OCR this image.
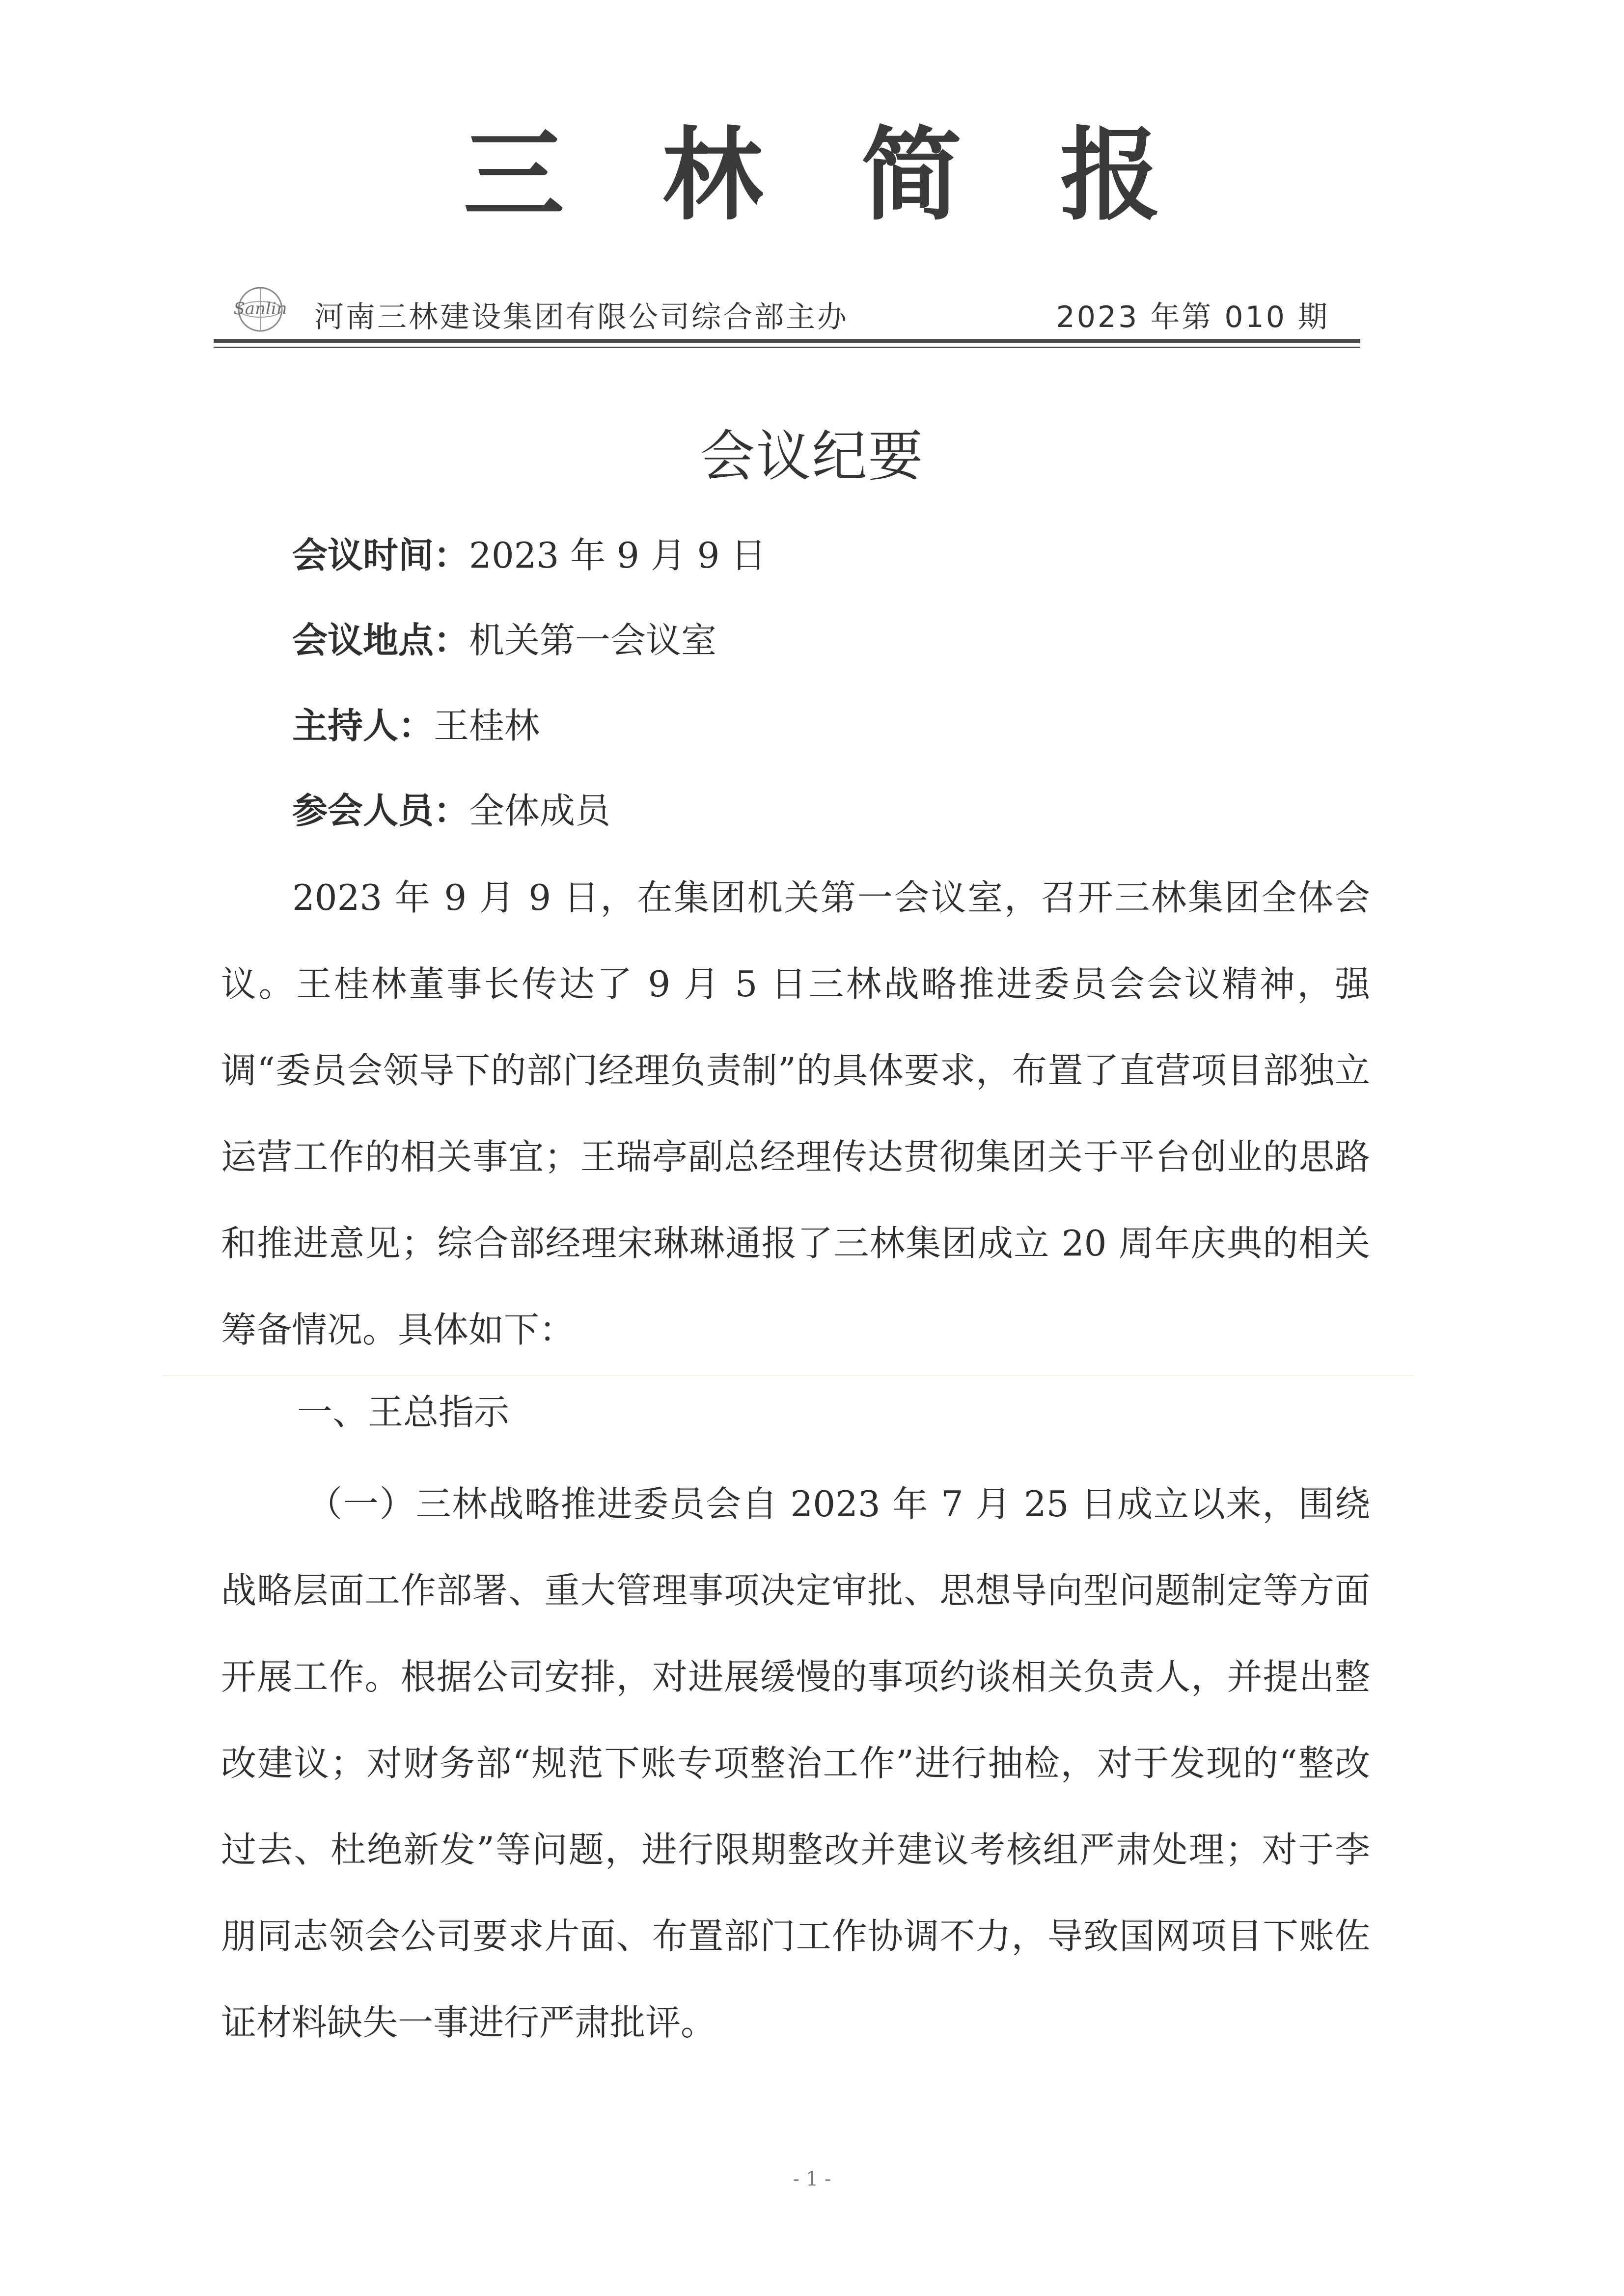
三林简报
Sanlin 河南三林建设集团有限公司综合部主办	2023 年第 010 期
会议纪要
会议时间：2023 年 9 月 9 日
会议地点：机关第一会议室
主持人：王桂林
参会人员：全体成员

2023 年 9 月 9 日，在集团机关第一会议室，召开三林集团全体会议。王桂林董事长传达了 9 月 5 日三林战略推进委员会会议精神，强调“委员会领导下的部门经理负责制”的具体要求，布置了直营项目部独立运营工作的相关事宜；王瑞亭副总经理传达贯彻集团关于平台创业的思路和推进意见；综合部经理宋琳琳通报了三林集团成立 20 周年庆典的相关筹备情况。具体如下：

一、王总指示

（一）三林战略推进委员会自 2023 年 7 月 25 日成立以来，围绕战略层面工作部署、重大管理事项决定审批、思想导向型问题制定等方面开展工作。根据公司安排，对进展缓慢的事项约谈相关负责人，并提出整改建议；对财务部“规范下账专项整治工作”进行抽检，对于发现的“整改过去、杜绝新发”等问题，进行限期整改并建议考核组严肃处理；对于李朋同志领会公司要求片面、布置部门工作协调不力，导致国网项目下账佐证材料缺失一事进行严肃批评。

- 1 -
